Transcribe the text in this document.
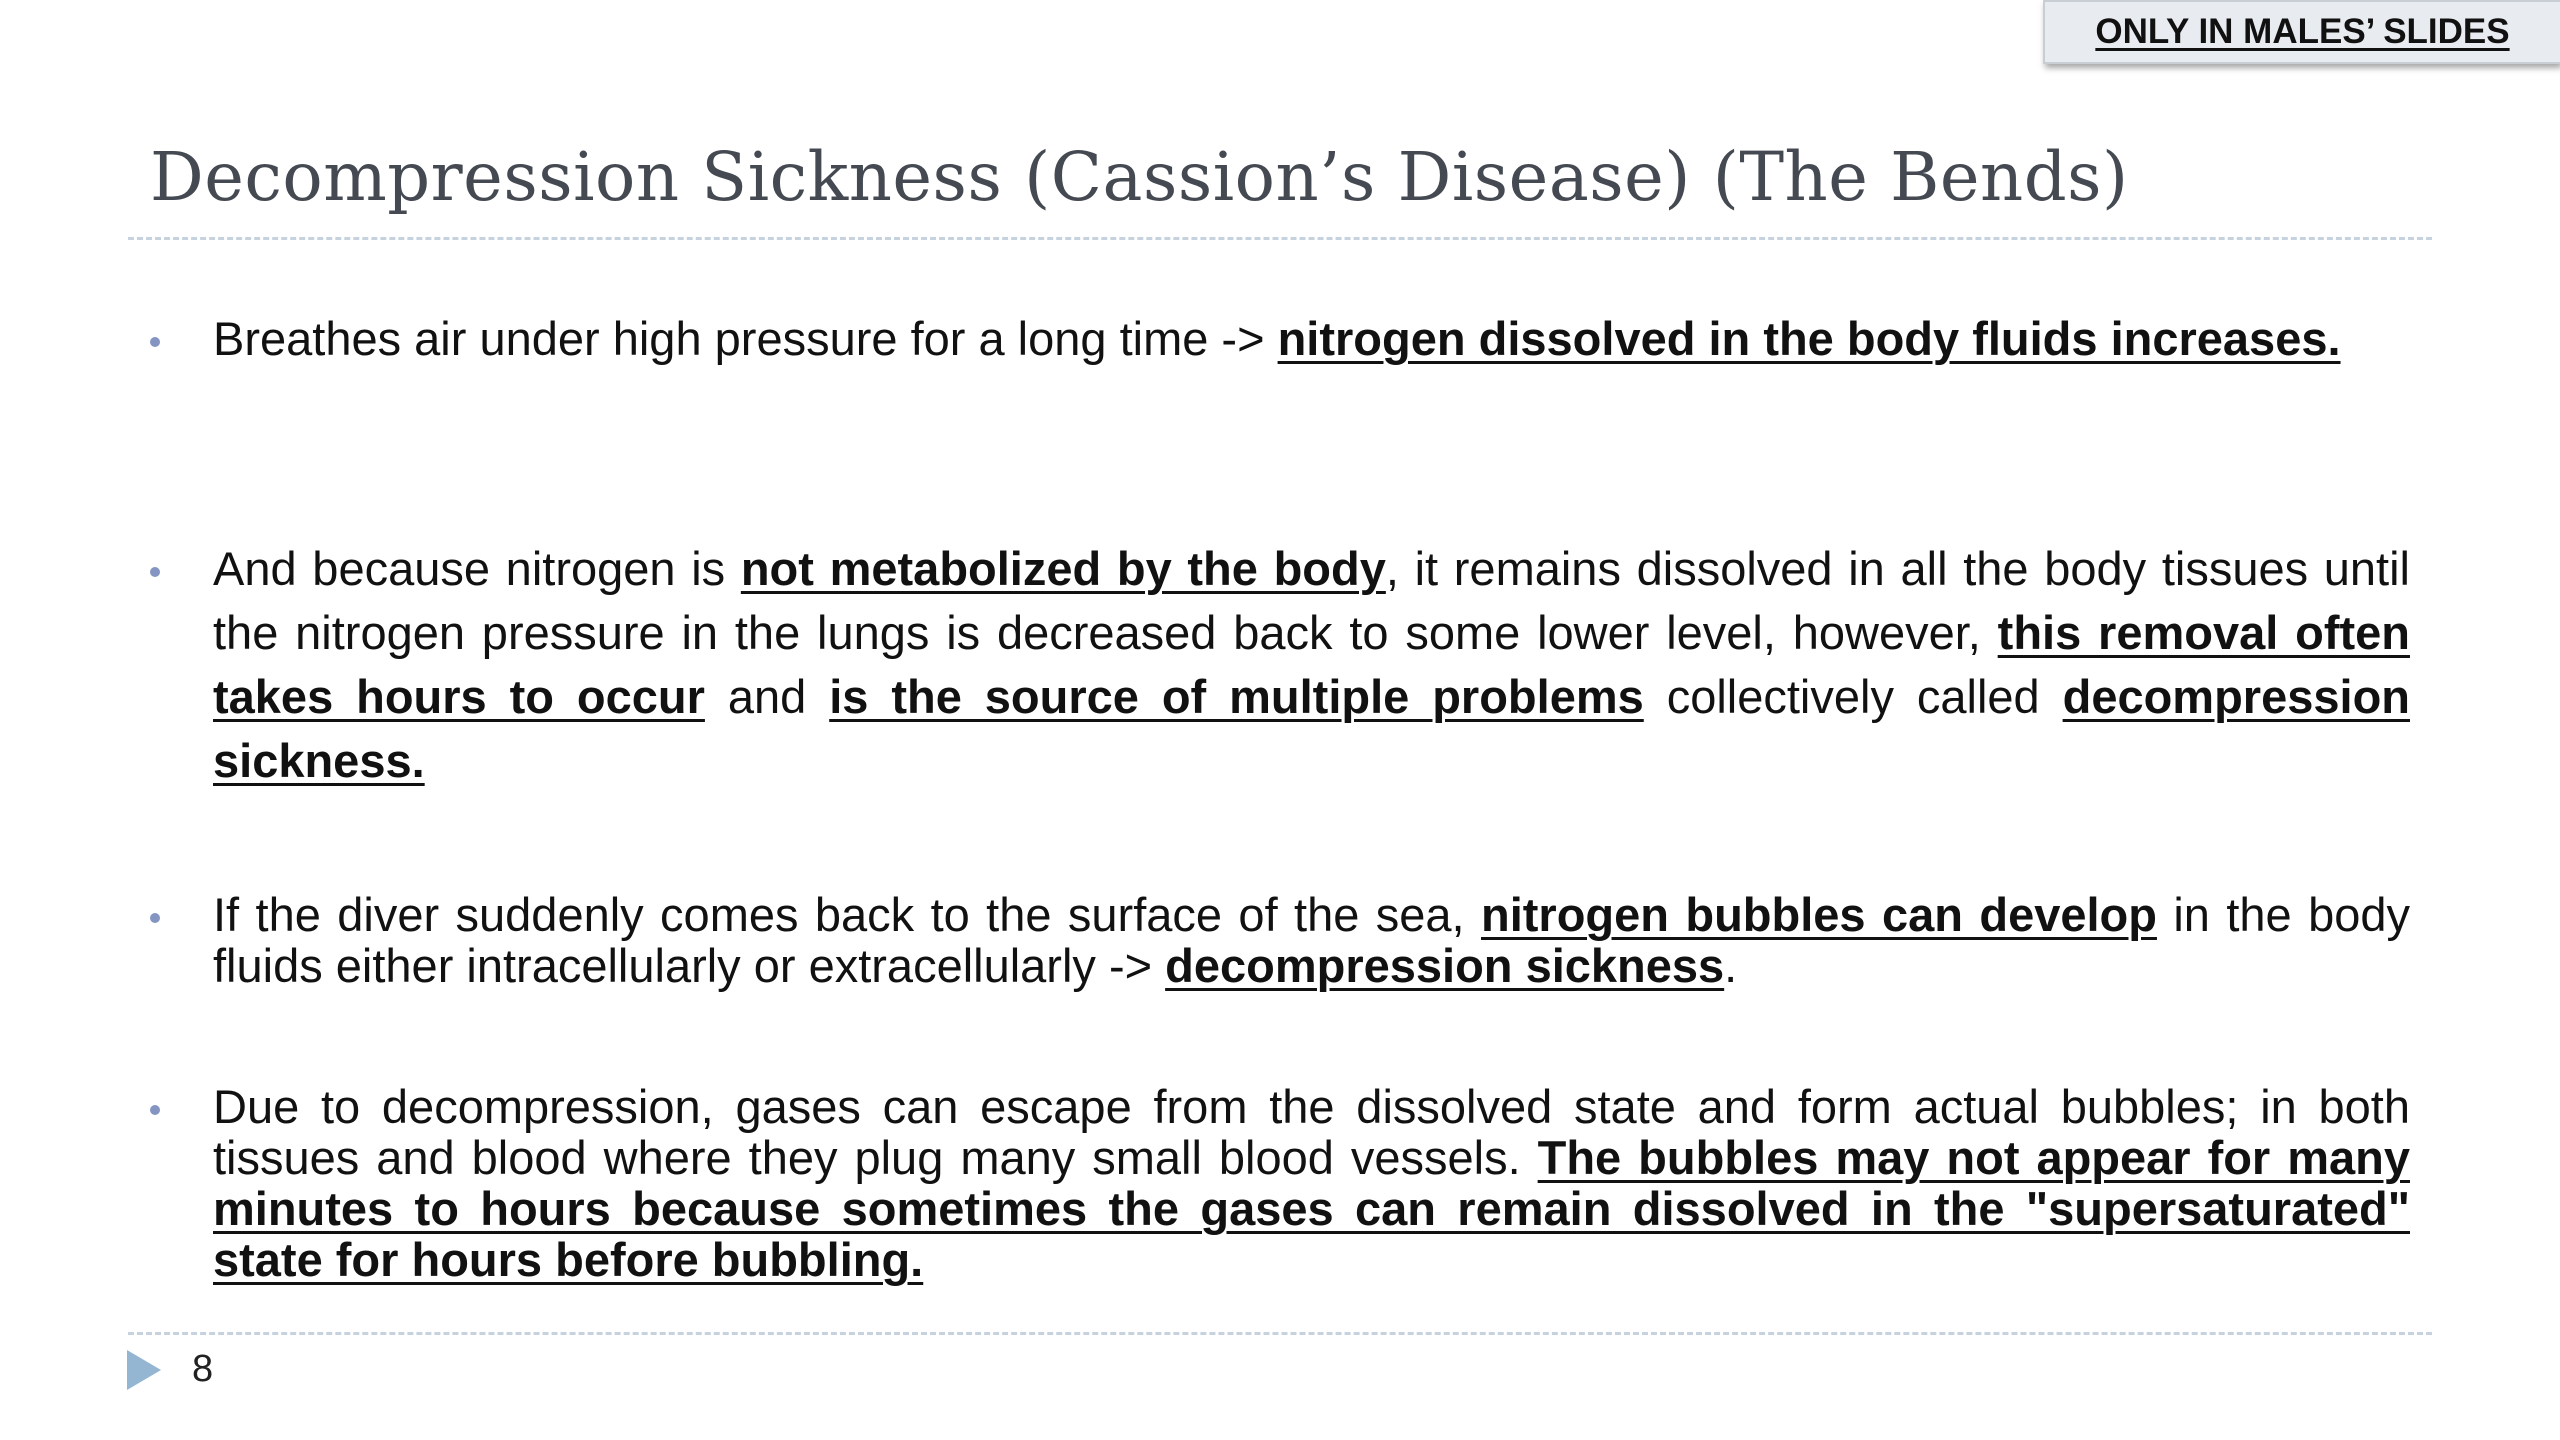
ONLY IN MALES’ SLIDES
Decompression Sickness (Cassion’s Disease) (The Bends)

Breathes air under high pressure for a long time -> nitrogen dissolved in the body fluids increases.

And because nitrogen is not metabolized by the body, it remains dissolved in all the body tissues until the nitrogen pressure in the lungs is decreased back to some lower level, however, this removal often takes hours to occur and is the source of multiple problems collectively called decompression sickness.

If the diver suddenly comes back to the surface of the sea, nitrogen bubbles can develop in the body fluids either intracellularly or extracellularly -> decompression sickness.

Due to decompression, gases can escape from the dissolved state and form actual bubbles; in both tissues and blood where they plug many small blood vessels. The bubbles may not appear for many minutes to hours because sometimes the gases can remain dissolved in the "supersaturated" state for hours before bubbling.

8
